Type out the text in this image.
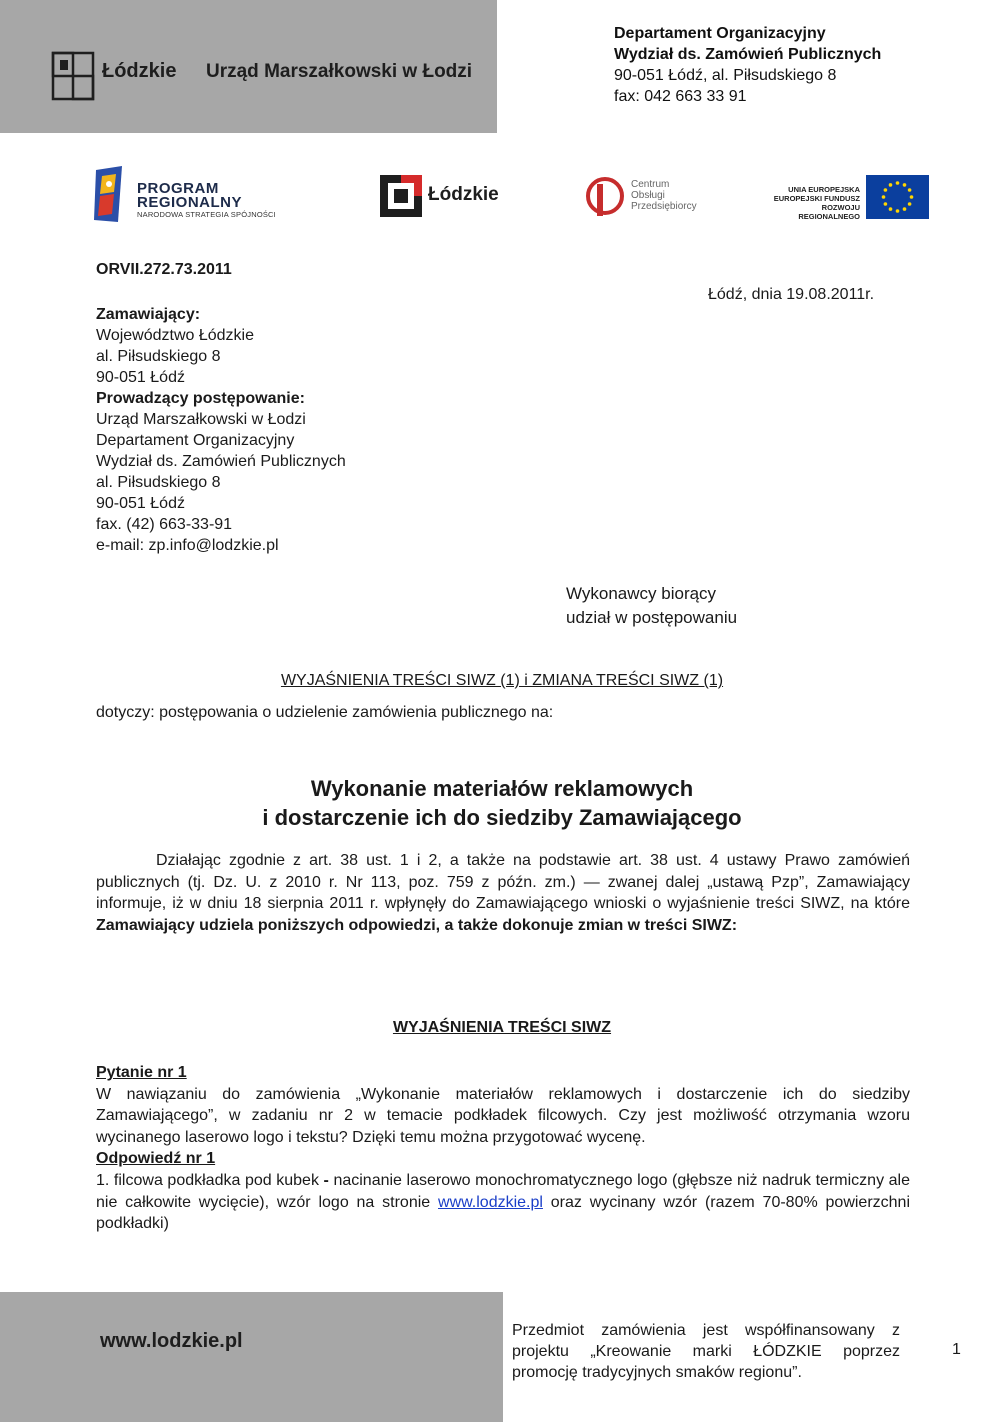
Łódzkie Urząd Marszałkowski w Łodzi
Departament Organizacyjny
Wydział ds. Zamówień Publicznych
90-051 Łódź, al. Piłsudskiego 8
fax: 042 663 33 91
PROGRAM
REGIONALNY
NARODOWA STRATEGIA SPÓJNOŚCI
Łódzkie	Centrum
Obsługi
Przedsiębiorcy
UNIA EUROPEJSKA
EUROPEJSKI FUNDUSZ
ROZWOJU REGIONALNEGO
ORVII.272.73.2011
Łódź, dnia 19.08.2011r.
Zamawiający:
Województwo Łódzkie
al. Piłsudskiego 8
90-051 Łódź
Prowadzący postępowanie:
Urząd Marszałkowski w Łodzi
Departament Organizacyjny
Wydział ds. Zamówień Publicznych
al. Piłsudskiego 8
90-051 Łódź
fax. (42) 663-33-91
e-mail: zp.info@lodzkie.pl
Wykonawcy biorący
udział w postępowaniu
WYJAŚNIENIA TREŚCI SIWZ (1) i ZMIANA TREŚCI SIWZ (1)
dotyczy: postępowania o udzielenie zamówienia publicznego na:
Wykonanie materiałów reklamowych
i dostarczenie ich do siedziby Zamawiającego

Działając zgodnie z art. 38 ust. 1 i 2, a także na podstawie art. 38 ust. 4 ustawy Prawo zamówień publicznych (tj. Dz. U. z 2010 r. Nr 113, poz. 759 z późn. zm.) ― zwanej dalej „ustawą Pzp”, Zamawiający informuje, iż w dniu 18 sierpnia 2011 r. wpłynęły do Zamawiającego wnioski o wyjaśnienie treści SIWZ, na które Zamawiający udziela poniższych odpowiedzi, a także dokonuje zmian w treści SIWZ:

WYJAŚNIENIA TREŚCI SIWZ
Pytanie nr 1

W nawiązaniu do zamówienia „Wykonanie materiałów reklamowych i dostarczenie ich do siedziby Zamawiającego”, w zadaniu nr 2 w temacie podkładek filcowych. Czy jest możliwość otrzymania wzoru wycinanego laserowo logo i tekstu? Dzięki temu można przygotować wycenę.

Odpowiedź nr 1

1. filcowa podkładka pod kubek - nacinanie laserowo monochromatycznego logo (głębsze niż nadruk termiczny ale nie całkowite wycięcie), wzór logo na stronie www.lodzkie.pl oraz wycinany wzór (razem 70-80% powierzchni podkładki)

www.lodzkie.pl	Przedmiot zamówienia jest współfinansowany z projektu „Kreowanie marki ŁÓDZKIE poprzez promocję tradycyjnych smaków regionu”.
1
